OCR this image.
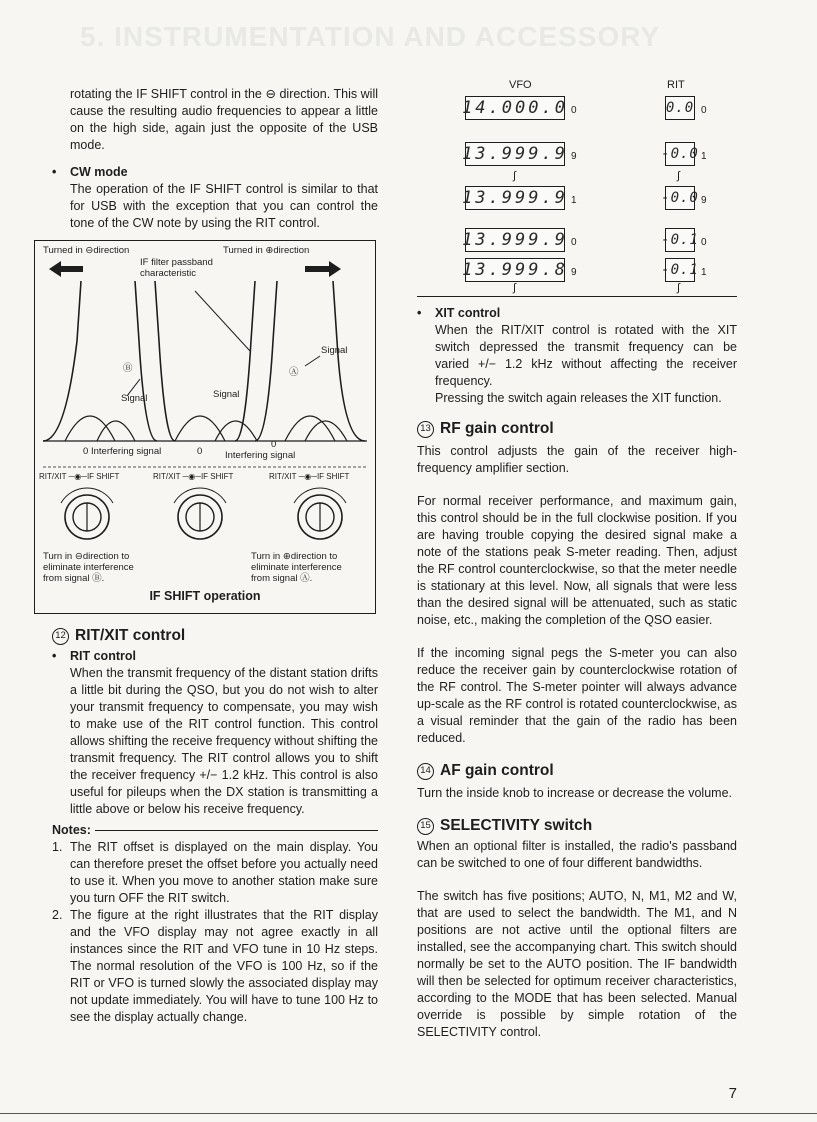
5. INSTRUMENTATION AND ACCESSORY

rotating the IF SHIFT control in the ⊖ direction. This will cause the resulting audio frequencies to appear a little on the high side, again just the opposite of the USB mode.

•	CW mode

The operation of the IF SHIFT control is similar to that for USB with the exception that you can control the tone of the CW note by using the RIT control.

Turned in ⊖direction	Turned in ⊕direction
IF filter passband characteristic
Ⓑ
Signal	Signal
Ⓐ
Signal
0 Interfering signal	0
0
Interfering signal
RIT/XIT ─◉─IF SHIFT	RIT/XIT ─◉─IF SHIFT	RIT/XIT ─◉─IF SHIFT
Turn in ⊖direction to eliminate interference from signal Ⓑ.
Turn in ⊕direction to eliminate interference from signal Ⓐ.
IF SHIFT operation
12 RIT/XIT control
•	RIT control

When the transmit frequency of the distant station drifts a little bit during the QSO, but you do not wish to alter your transmit frequency to compensate, you may wish to make use of the RIT control function. This control allows shifting the receive frequency without shifting the transmit frequency. The RIT control allows you to shift the receiver frequency +/− 1.2 kHz. This control is also useful for pileups when the DX station is transmitting a little above or below his receive frequency.

Notes:
1. The RIT offset is displayed on the main display. You can therefore preset the offset before you actually need to use it. When you move to another station make sure you turn OFF the RIT switch.

2. The figure at the right illustrates that the RIT display and the VFO display may not agree exactly in all instances since the RIT and VFO tune in 10 Hz steps. The normal resolution of the VFO is 100 Hz, so if the RIT or VFO is turned slowly the associated display may not update immediately. You will have to tune 100 Hz to see the display actually change.

VFO	RIT
14.000.0 0	0.0 0
13.999.9 9	-0.0 1
∫	∫
13.999.9 1	-0.0 9
13.999.9 0	-0.1 0
13.999.8 9	-0.1 1
∫	∫
•	XIT control

When the RIT/XIT control is rotated with the XIT switch depressed the transmit frequency can be varied +/− 1.2 kHz without affecting the receiver frequency.

Pressing the switch again releases the XIT function.

13 RF gain control

This control adjusts the gain of the receiver high-frequency amplifier section.

For normal receiver performance, and maximum gain, this control should be in the full clockwise position. If you are having trouble copying the desired signal make a note of the stations peak S-meter reading. Then, adjust the RF control counterclockwise, so that the meter needle is stationary at this level. Now, all signals that were less than the desired signal will be attenuated, such as static noise, etc., making the completion of the QSO easier.

If the incoming signal pegs the S-meter you can also reduce the receiver gain by counterclockwise rotation of the RF control. The S-meter pointer will always advance up-scale as the RF control is rotated counterclockwise, as a visual reminder that the gain of the radio has been reduced.

14 AF gain control

Turn the inside knob to increase or decrease the volume.

15 SELECTIVITY switch

When an optional filter is installed, the radio's passband can be switched to one of four different bandwidths.

The switch has five positions; AUTO, N, M1, M2 and W, that are used to select the bandwidth. The M1, and N positions are not active until the optional filters are installed, see the accompanying chart. This switch should normally be set to the AUTO position. The IF bandwidth will then be selected for optimum receiver characteristics, according to the MODE that has been selected. Manual override is possible by simple rotation of the SELECTIVITY control.

7
